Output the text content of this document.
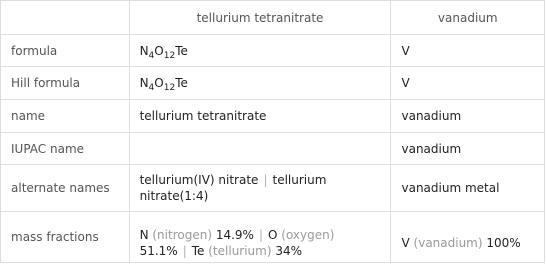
	tellurium tetranitrate	vanadium
formula	$N_4O_{12}Te$	V
Hill formula	$N_4O_{12}Te$	V
name	tellurium tetranitrate	vanadium
IUPAC name		vanadium
alternate names	tellurium(IV) nitrate | tellurium nitrate(1:4)	vanadium metal
mass fractions	N (nitrogen) 14.9% | O (oxygen) 51.1% | Te (tellurium) 34%	V (vanadium) 100%
